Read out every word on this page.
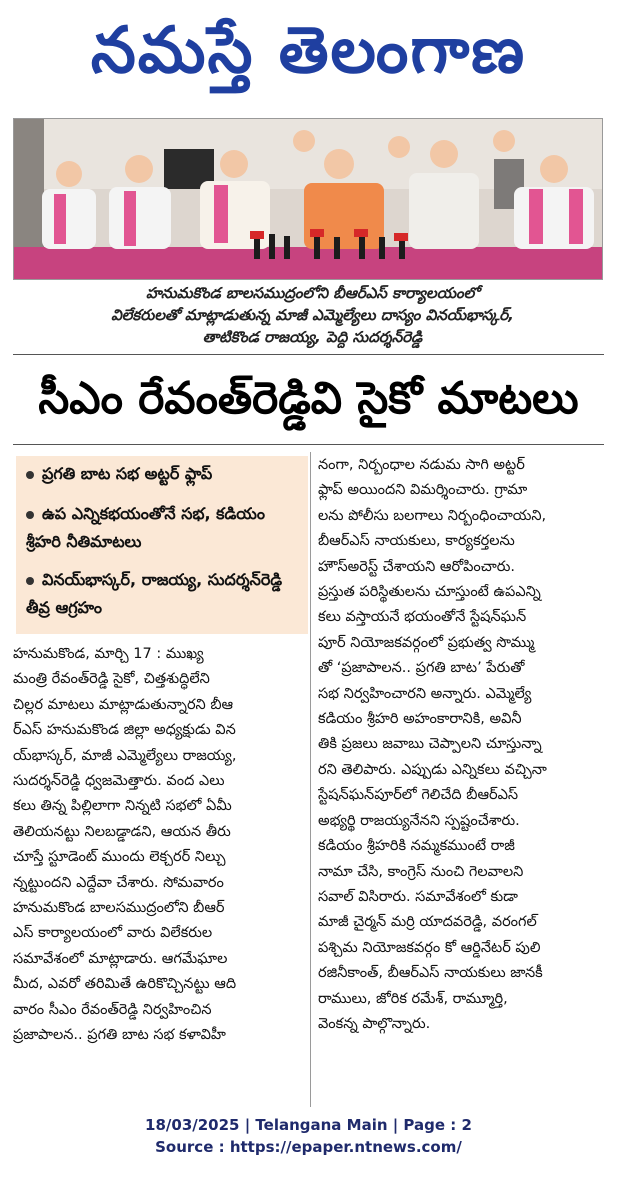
నమస్తే తెలంగాణ
హనుమకొండ బాలసముద్రంలోని బీఆర్‌ఎస్‌ కార్యాలయంలో
విలేకరులతో మాట్లాడుతున్న మాజీ ఎమ్మెల్యేలు దాస్యం వినయ్‌భాస్కర్‌,
తాటికొండ రాజయ్య, పెద్ది సుదర్శన్‌రెడ్డి
సీఎం రేవంత్‌రెడ్డివి సైకో మాటలు
ప్రగతి బాట సభ అట్టర్‌ ఫ్లాప్‌
ఉప ఎన్నికభయంతోనే సభ, కడియం శ్రీహరి నీతిమాటలు
వినయ్‌భాస్కర్‌, రాజయ్య, సుదర్శన్‌రెడ్డి తీవ్ర ఆగ్రహం
హనుమకొండ, మార్చి 17 : ముఖ్య
మంత్రి రేవంత్‌రెడ్డి సైకో, చిత్తశుద్ధిలేని
చిల్లర మాటలు మాట్లాడుతున్నారని బీఆ
ర్‌ఎస్‌ హనుమకొండ జిల్లా అధ్యక్షుడు విన
య్‌భాస్కర్‌, మాజీ ఎమ్మెల్యేలు రాజయ్య,
సుదర్శన్‌రెడ్డి ధ్వజమెత్తారు. వంద ఎలు
కలు తిన్న పిల్లిలాగా నిన్నటి సభలో ఏమీ
తెలియనట్టు నిలబడ్డాడని, ఆయన తీరు
చూస్తే స్టూడెంట్‌ ముందు లెక్చరర్‌ నిల్చు
న్నట్టుందని ఎద్దేవా చేశారు. సోమవారం
హనుమకొండ బాలసముద్రంలోని బీఆర్‌
ఎస్‌ కార్యాలయంలో వారు విలేకరుల
సమావేశంలో మాట్లాడారు. ఆగమేఘాల
మీద, ఎవరో తరిమితే ఉరికొచ్చినట్టు ఆది
వారం సీఎం రేవంత్‌రెడ్డి నిర్వహించిన
ప్రజాపాలన.. ప్రగతి బాట సభ కళావిహీ
నంగా, నిర్బంధాల నడుమ సాగి అట్టర్‌
ఫ్లాప్‌ అయిందని విమర్శించారు. గ్రామా
లను పోలీసు బలగాలు నిర్బంధించాయని,
బీఆర్‌ఎస్‌ నాయకులు, కార్యకర్తలను
హౌస్‌అరెస్ట్‌ చేశాయని ఆరోపించారు.
ప్రస్తుత పరిస్థితులను చూస్తుంటే ఉపఎన్ని
కలు వస్తాయనే భయంతోనే స్టేషన్‌ఘన్‌
పూర్‌ నియోజకవర్గంలో ప్రభుత్వ సొమ్ము
తో ‘ప్రజాపాలన.. ప్రగతి బాట’ పేరుతో
సభ నిర్వహించారని అన్నారు. ఎమ్మెల్యే
కడియం శ్రీహరి అహంకారానికి, అవినీ
తికి ప్రజలు జవాబు చెప్పాలని చూస్తున్నా
రని తెలిపారు. ఎప్పుడు ఎన్నికలు వచ్చినా
స్టేషన్‌ఘన్‌పూర్‌లో గెలిచేది బీఆర్‌ఎస్‌
అభ్యర్థి రాజయ్యనేనని స్పష్టంచేశారు.
కడియం శ్రీహరికి నమ్మకముంటే రాజీ
నామా చేసి, కాంగ్రెస్‌ నుంచి గెలవాలని
సవాల్‌ విసిరారు. సమావేశంలో కుడా
మాజీ చైర్మన్‌ మర్రి యాదవరెడ్డి, వరంగల్‌
పశ్చిమ నియోజకవర్గం కో ఆర్డినేటర్‌ పులి
రజినీకాంత్‌, బీఆర్‌ఎస్‌ నాయకులు జానకీ
రాములు, జోరిక రమేశ్‌, రామ్మూర్తి,
వెంకన్న పాల్గొన్నారు.
18/03/2025 | Telangana Main | Page : 2
Source : https://epaper.ntnews.com/
